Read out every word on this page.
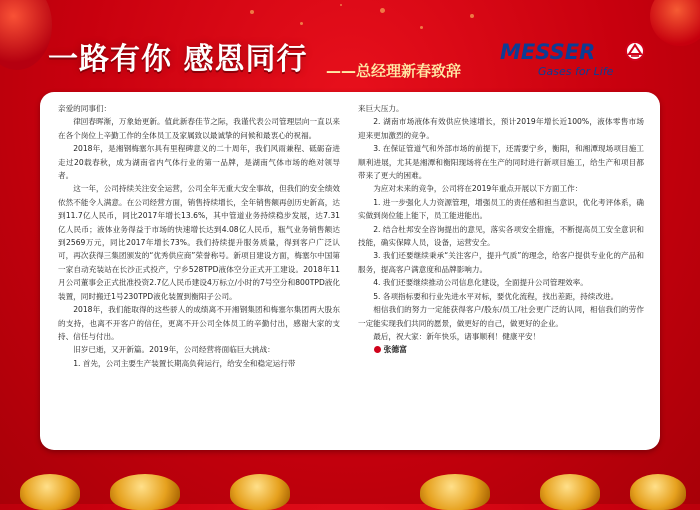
一路有你 感恩同行 ——总经理新春致辞
MESSER
Gases for Life

亲爱的同事们：

律回春晖渐，万象始更新。值此新春佳节之际，我谨代表公司管理层向一直以来在各个岗位上辛勤工作的全体员工及家属致以最诚挚的问候和最衷心的祝福。

2018年，是湘钢梅塞尔具有里程碑意义的二十周年，我们风雨兼程、砥砺奋进走过20载春秋，成为湖南省内气体行业的第一品牌，是湖南气体市场的绝对领导者。

这一年，公司持续关注安全运营，公司全年无重大安全事故，但我们的安全绩效依然不能令人满意。在公司经营方面，销售持续增长，全年销售额再创历史新高，达到11.7亿人民币，同比2017年增长13.6%，其中管道业务持续稳步发展，达7.31亿人民币；液体业务得益于市场的快速增长达到4.08亿人民币，瓶气业务销售额达到2569万元，同比2017年增长73%。我们持续提升服务质量，得到客户广泛认可，再次获得三集团颁发的“优秀供应商”荣誉称号。新项目建设方面，梅塞尔中国第一家自动充装站在长沙正式投产，宁乡528TPD液体空分正式开工建设。2018年11月公司董事会正式批准投资2.7亿人民币建设4万标立/小时的7号空分和800TPD液化装置，同时搬迁1号230TPD液化装置到衡阳子公司。

2018年，我们能取得的这些骄人的成绩离不开湘钢集团和梅塞尔集团两大股东的支持，也离不开客户的信任，更离不开公司全体员工的辛勤付出，感谢大家的支持、信任与付出。

旧岁已逝，又开新篇。2019年，公司经营将面临巨大挑战：

1. 首先，公司主要生产装置长期高负荷运行，给安全和稳定运行带

来巨大压力。

2. 湖南市场液体有效供应快速增长，预计2019年增长近100%，液体零售市场迎来更加激烈的竞争。

3. 在保证管道气和外部市场的前提下，还需要宁乡，衡阳，和湘潭现场项目施工顺利进展，尤其是湘潭和衡阳现场将在生产的同时进行新项目施工，给生产和项目都带来了更大的困难。

为应对未来的竞争，公司将在2019年重点开展以下方面工作：

1. 进一步强化人力资源管理，增强员工的责任感和担当意识，优化考评体系，确实做到岗位能上能下，员工能进能出。

2. 结合杜邦安全咨询提出的意见，落实各项安全措施，不断提高员工安全意识和技能，确实保障人员，设备，运营安全。

3. 我们还要继续秉承“关注客户，提升气质”的理念，给客户提供专业化的产品和服务，提高客户满意度和品牌影响力。

4. 我们还要继续推动公司信息化建设，全面提升公司管理效率。

5. 各项指标要和行业先进水平对标，要优化流程，找出差距，持续改进。

相信我们的努力一定能获得客户/股东/员工/社会更广泛的认同，相信我们的劳作一定能实现我们共同的愿景，做更好的自己，做更好的企业。

最后，祝大家：新年快乐，诸事顺利！健康平安！

张德富
